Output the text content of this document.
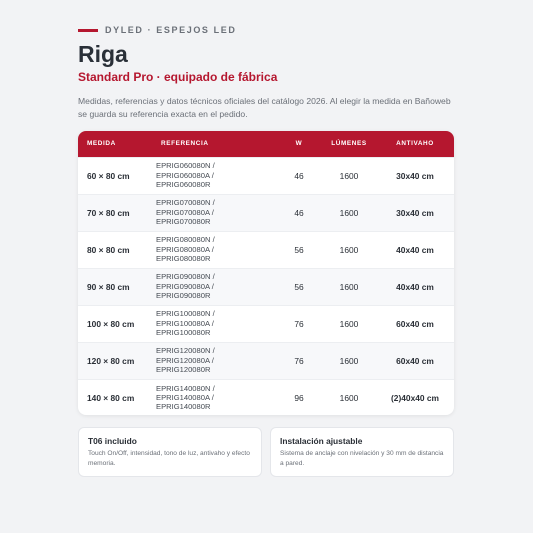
DYLED · ESPEJOS LED
Riga
Standard Pro · equipado de fábrica

Medidas, referencias y datos técnicos oficiales del catálogo 2026. Al elegir la medida en Bañoweb se guarda su referencia exacta en el pedido.

MEDIDA	REFERENCIA	W	LÚMENES	ANTIVAHO
60 × 80 cm	EPRIG060080N /
EPRIG060080A /
EPRIG060080R	46	1600	30x40 cm
70 × 80 cm	EPRIG070080N /
EPRIG070080A /
EPRIG070080R	46	1600	30x40 cm
80 × 80 cm	EPRIG080080N /
EPRIG080080A /
EPRIG080080R	56	1600	40x40 cm
90 × 80 cm	EPRIG090080N /
EPRIG090080A /
EPRIG090080R	56	1600	40x40 cm
100 × 80 cm	EPRIG100080N /
EPRIG100080A /
EPRIG100080R	76	1600	60x40 cm
120 × 80 cm	EPRIG120080N /
EPRIG120080A /
EPRIG120080R	76	1600	60x40 cm
140 × 80 cm	EPRIG140080N /
EPRIG140080A /
EPRIG140080R	96	1600	(2)40x40 cm
T06 incluido

Touch On/Off, intensidad, tono de luz, antivaho y efecto memoria.

Instalación ajustable

Sistema de anclaje con nivelación y 30 mm de distancia a pared.
